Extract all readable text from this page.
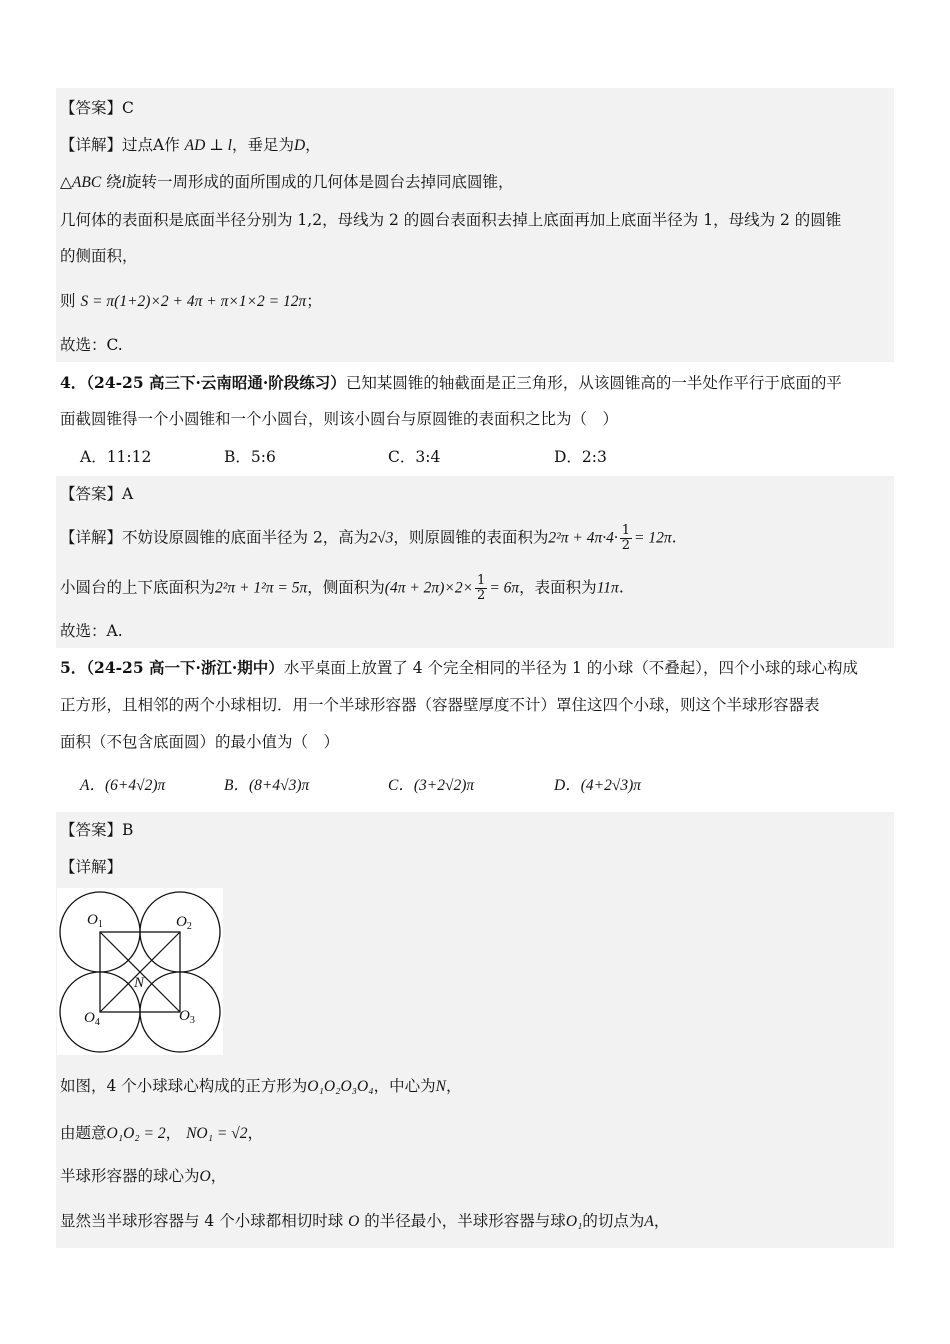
【答案】C
【详解】过点A作 AD ⊥ l，垂足为D，
△ABC 绕l旋转一周形成的面所围成的几何体是圆台去掉同底圆锥，
几何体的表面积是底面半径分别为 1,2，母线为 2 的圆台表面积去掉上底面再加上底面半径为 1，母线为 2 的圆锥
的侧面积，
则 S = π(1+2)×2 + 4π + π×1×2 = 12π；
故选：C.
4．（24-25 高三下·云南昭通·阶段练习）已知某圆锥的轴截面是正三角形，从该圆锥高的一半处作平行于底面的平
面截圆锥得一个小圆锥和一个小圆台，则该小圆台与原圆锥的表面积之比为（　）
A．11:12	B．5:6	C．3:4	D．2:3
【答案】A
【详解】不妨设原圆锥的底面半径为 2，高为2√3，则原圆锥的表面积为$2^2\pi + 4\pi\cdot 4\cdot \frac{1}{2} = 12\pi$.
小圆台的上下底面积为2²π + 1²π = 5π，侧面积为$(4\pi + 2\pi)\times 2\times \frac{1}{2} = 6\pi$，表面积为11π.
故选：A.
5．（24-25 高一下·浙江·期中）水平桌面上放置了 4 个完全相同的半径为 1 的小球（不叠起），四个小球的球心构成
正方形，且相邻的两个小球相切．用一个半球形容器（容器壁厚度不计）罩住这四个小球，则这个半球形容器表
面积（不包含底面圆）的最小值为（　）
A．(6+4√2)π	B．(8+4√3)π	C．(3+2√2)π	D．(4+2√3)π
【答案】B
【详解】
$O_1$	$O_2$
$O_3$
$O_4$
N
如图，4 个小球球心构成的正方形为O₁O₂O₃O₄，中心为N，
由题意O₁O₂ = 2， NO₁ = √2，
半球形容器的球心为O，
显然当半球形容器与 4 个小球都相切时球 O 的半径最小，半球形容器与球O₁的切点为A，
